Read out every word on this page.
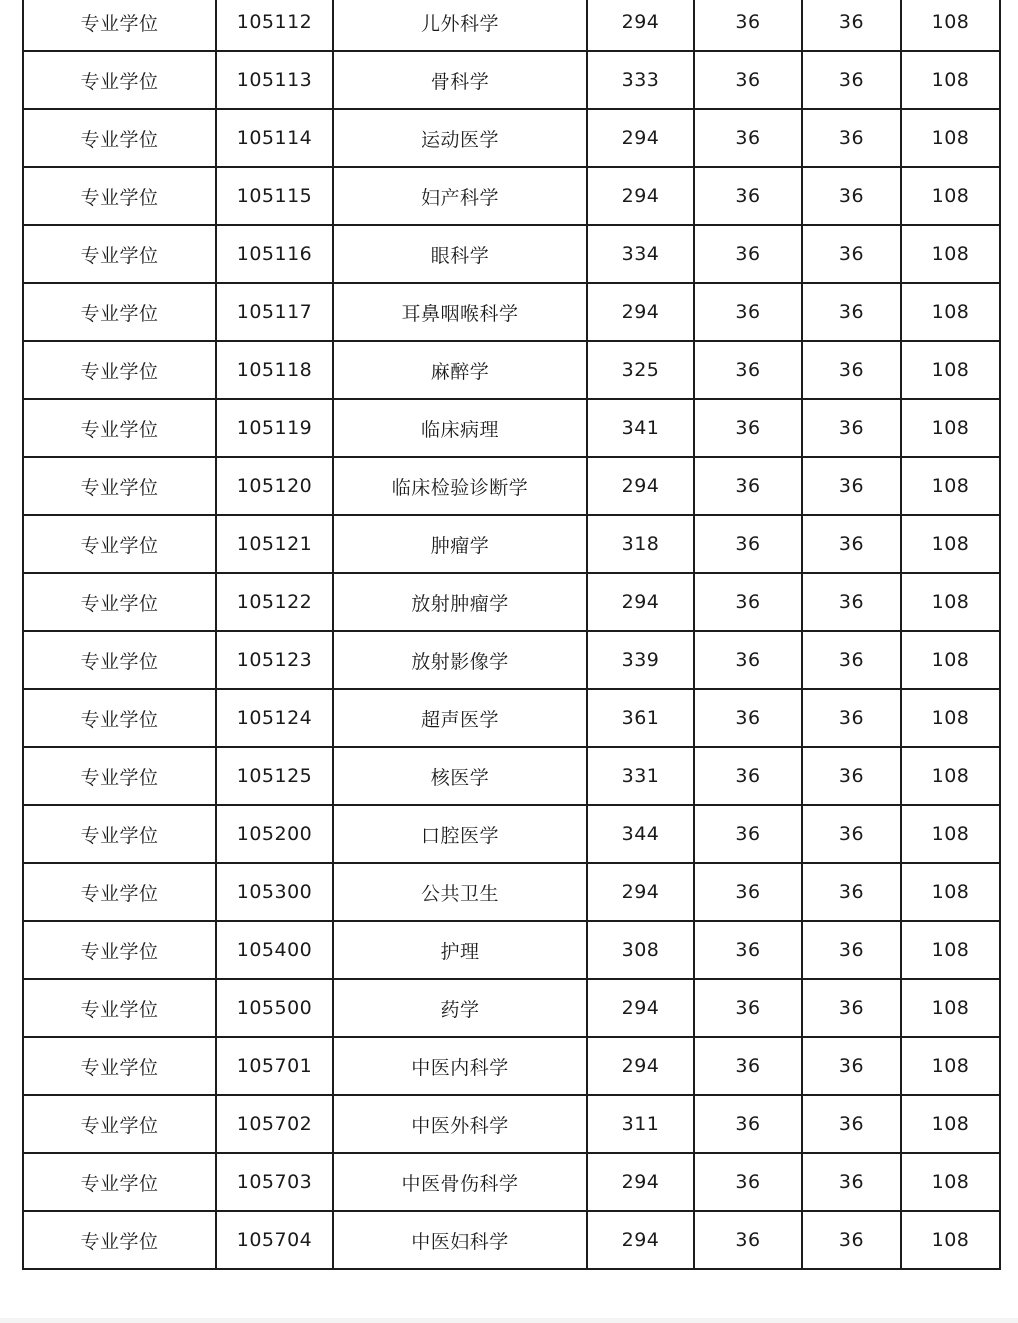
专业学位	105112	儿外科学	294	36	36	108
专业学位	105113	骨科学	333	36	36	108
专业学位	105114	运动医学	294	36	36	108
专业学位	105115	妇产科学	294	36	36	108
专业学位	105116	眼科学	334	36	36	108
专业学位	105117	耳鼻咽喉科学	294	36	36	108
专业学位	105118	麻醉学	325	36	36	108
专业学位	105119	临床病理	341	36	36	108
专业学位	105120	临床检验诊断学	294	36	36	108
专业学位	105121	肿瘤学	318	36	36	108
专业学位	105122	放射肿瘤学	294	36	36	108
专业学位	105123	放射影像学	339	36	36	108
专业学位	105124	超声医学	361	36	36	108
专业学位	105125	核医学	331	36	36	108
专业学位	105200	口腔医学	344	36	36	108
专业学位	105300	公共卫生	294	36	36	108
专业学位	105400	护理	308	36	36	108
专业学位	105500	药学	294	36	36	108
专业学位	105701	中医内科学	294	36	36	108
专业学位	105702	中医外科学	311	36	36	108
专业学位	105703	中医骨伤科学	294	36	36	108
专业学位	105704	中医妇科学	294	36	36	108
